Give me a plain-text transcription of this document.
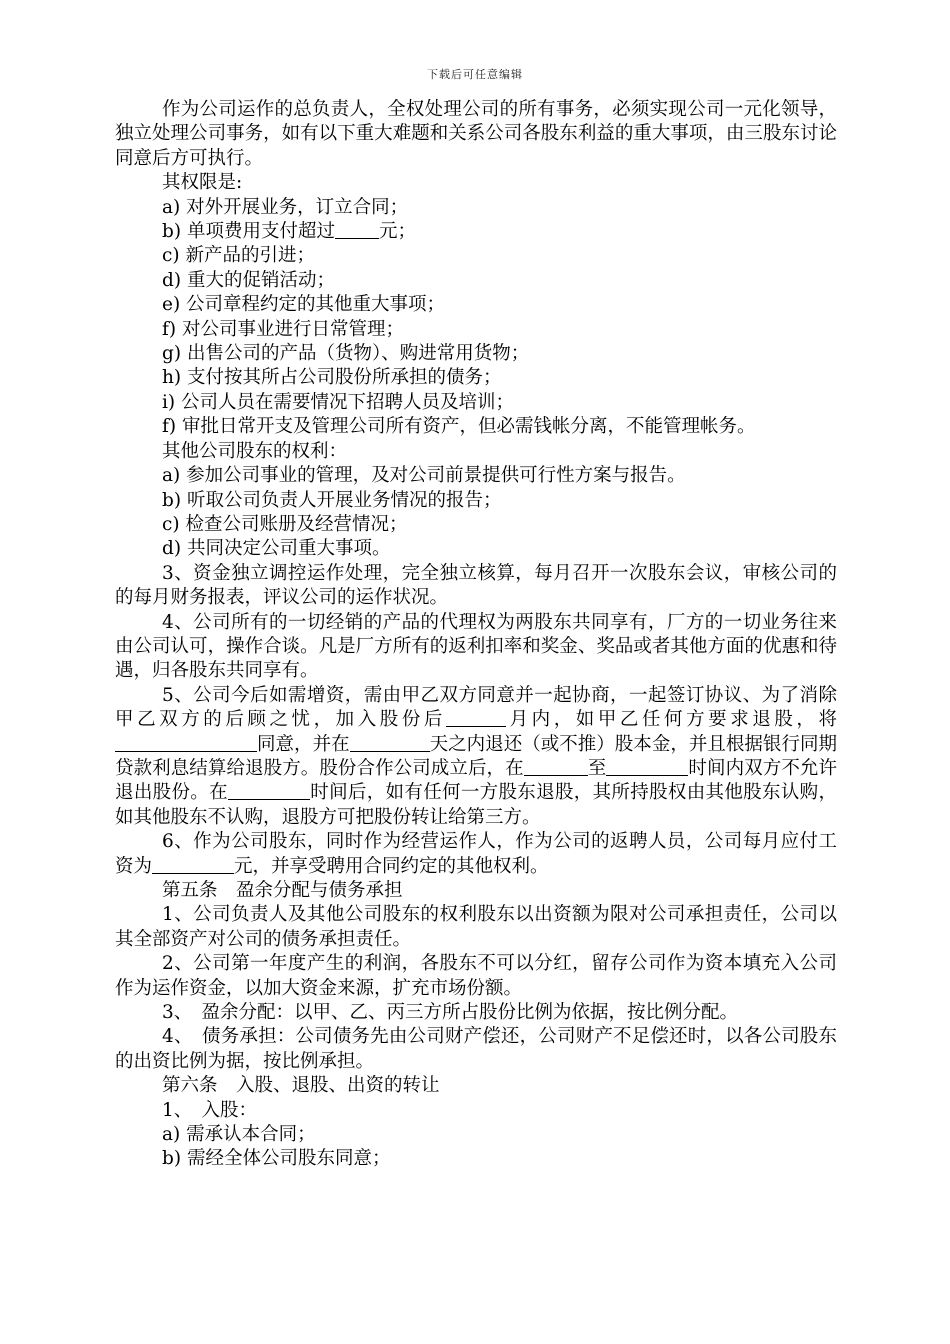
下载后可任意编辑

作为公司运作的总负责人，全权处理公司的所有事务，必须实现公司一元化领导，独立处理公司事务，如有以下重大难题和关系公司各股东利益的重大事项，由三股东讨论同意后方可执行。

其权限是:

a) 对外开展业务，订立合同；

b) 单项费用支付超过 元；

c) 新产品的引进；

d) 重大的促销活动；

e) 公司章程约定的其他重大事项；

f) 对公司事业进行日常管理；

g) 出售公司的产品（货物）、购进常用货物；

h) 支付按其所占公司股份所承担的债务；

i) 公司人员在需要情况下招聘人员及培训；

f) 审批日常开支及管理公司所有资产，但必需钱帐分离，不能管理帐务。

其他公司股东的权利：

a) 参加公司事业的管理，及对公司前景提供可行性方案与报告。

b) 听取公司负责人开展业务情况的报告；

c) 检查公司账册及经营情况；

d) 共同决定公司重大事项。

3、资金独立调控运作处理，完全独立核算，每月召开一次股东会议，审核公司的的每月财务报表，评议公司的运作状况。

4、公司所有的一切经销的产品的代理权为两股东共同享有，厂方的一切业务往来由公司认可，操作合谈。凡是厂方所有的返利扣率和奖金、奖品或者其他方面的优惠和待遇，归各股东共同享有。

5、公司今后如需增资，需由甲乙双方同意并一起协商，一起签订协议、为了消除甲乙双方的后顾之忧，加入股份后	月内，如甲乙任何方要求退股，将同意，并在	天之内退还（或不推）股本金，并且根据银行同期贷款利息结算给退股方。股份合作公司成立后，在	至	时间内双方不允许退出股份。在	时间后，如有任何一方股东退股，其所持股权由其他股东认购，如其他股东不认购，退股方可把股份转让给第三方。

6、作为公司股东，同时作为经营运作人，作为公司的返聘人员，公司每月应付工资为	元，并享受聘用合同约定的其他权利。

第五条　盈余分配与债务承担

1、公司负责人及其他公司股东的权利股东以出资额为限对公司承担责任，公司以其全部资产对公司的债务承担责任。

2、公司第一年度产生的利润，各股东不可以分红，留存公司作为资本填充入公司作为运作资金，以加大资金来源，扩充市场份额。

3、　盈余分配：以甲、乙、丙三方所占股份比例为依据，按比例分配。

4、　债务承担：公司债务先由公司财产偿还，公司财产不足偿还时，以各公司股东的出资比例为据，按比例承担。

第六条　入股、退股、出资的转让

1、　入股：

a) 需承认本合同；

b) 需经全体公司股东同意；
